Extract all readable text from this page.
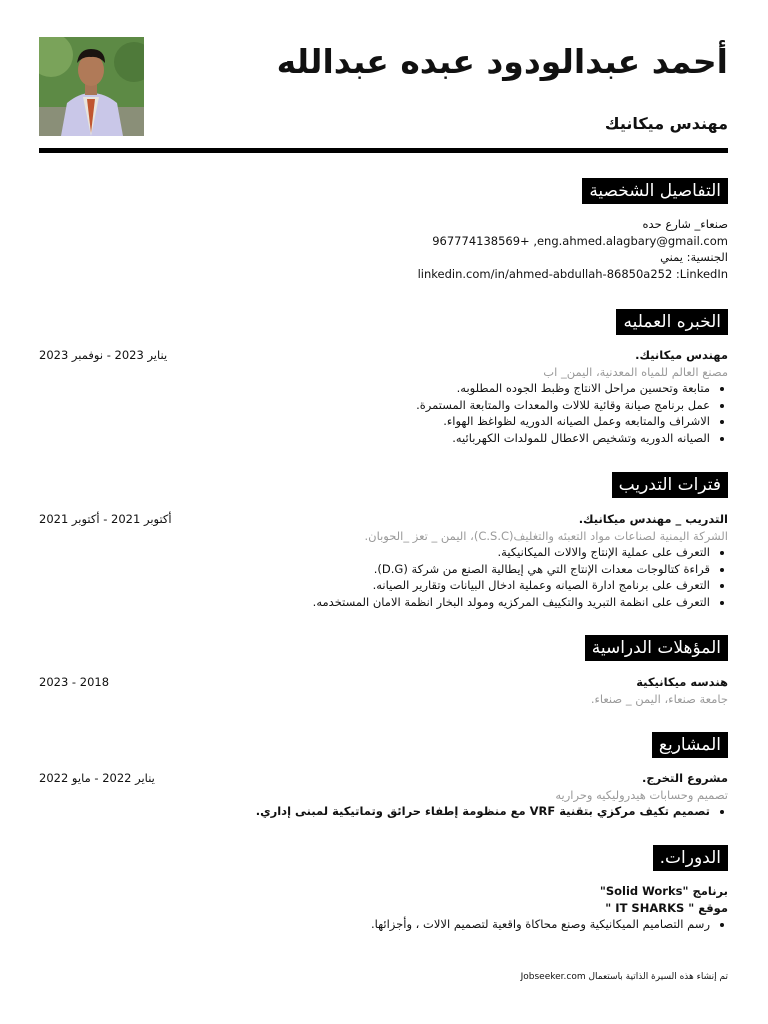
أحمد عبدالودود عبده عبدالله
مهندس ميكانيك
التفاصيل الشخصية

صنعاء_ شارع حده

967774138569+ ,eng.ahmed.alagbary@gmail.com

الجنسية: يمني

linkedin.com/in/ahmed-abdullah-86850a252 :LinkedIn

الخبره العمليه
يناير 2023 - نوفمبر 2023	مهندس ميكانيك.

مصنع العالم للمياه المعدنية، اليمن_ اب

• متابعة وتحسين مراحل الانتاج وظبط الجوده المطلوبه.
• عمل برنامج صيانة وقائية للالات والمعدات والمتابعة المستمرة.
• الاشراف والمتابعه وعمل الصيانه الدوريه لظواغظ الهواء.
• الصيانه الدوريه وتشخيص الاعطال للمولدات الكهربائيه.
فترات التدريب
أكتوبر 2021 - أكتوبر 2021	التدريب _ مهندس ميكانيك.

الشركة اليمنية لصناعات مواد التعبئه والتغليف(C.S.C)، اليمن _ تعز _الحوبان.

• التعرف على عملية الإنتاج والالات الميكانيكية.
• قراءة كتالوجات معدات الإنتاج التي هي إيطالية الصنع من شركة (D.G).
• التعرف على برنامج ادارة الصيانه وعملية ادخال البيانات وتقارير الصيانه.
• التعرف على انظمة التبريد والتكييف المركزيه ومولد البخار انظمة الامان المستخدمه.
المؤهلات الدراسية
2018 - 2023	هندسه ميكانيكية

جامعة صنعاء، اليمن _ صنعاء.

المشاريع
يناير 2022 - مايو 2022	مشروع التخرج.

تصميم وحسابات هيدروليكيه وحراريه

• تصميم تكيف مركزي بتقنية VRF مع منظومة إطفاء حرائق وتماتيكية لمبنى إداري.
الدورات.

برنامج "Solid Works"

موقع " IT SHARKS "

• رسم التصاميم الميكانيكية وصنع محاكاة واقعية لتصميم الالات ، وأجزائها.
تم إنشاء هذه السيرة الذاتية باستعمال Jobseeker.com
